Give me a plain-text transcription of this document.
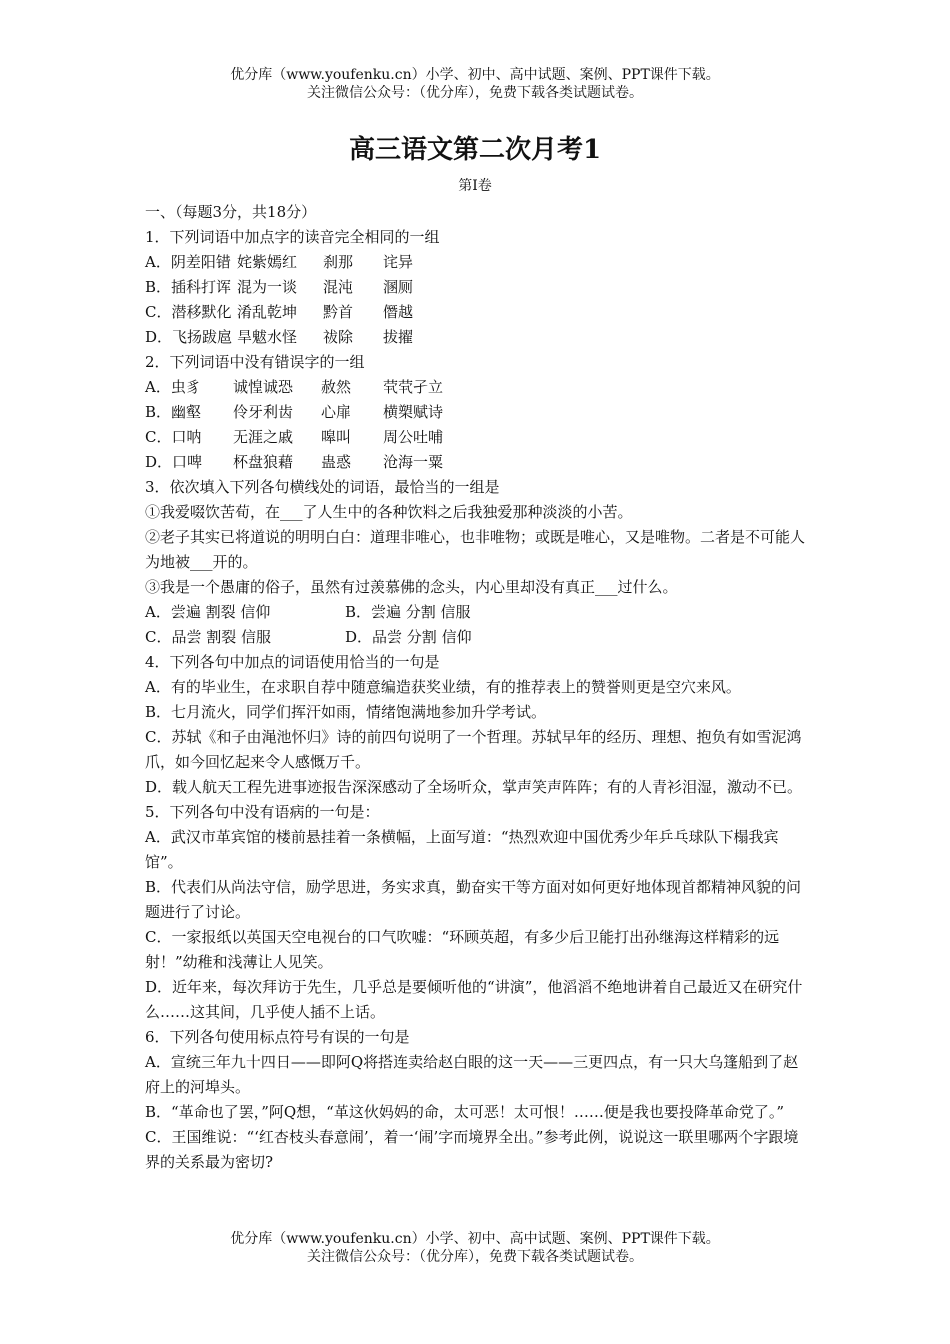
优分库（www.youfenku.cn）小学、初中、高中试题、案例、PPT课件下载。
关注微信公众号：（优分库），免费下载各类试题试卷。
高三语文第二次月考1
第I卷
一、（每题3分，共18分）
1．下列词语中加点字的读音完全相同的一组
A．阴差阳错 姹紫嫣红 刹那 诧异
B．插科打诨 混为一谈 混沌 溷厕
C．潜移默化 淆乱乾坤 黔首 僭越
D．飞扬跋扈 旱魃水怪 祓除 拔擢
2．下列词语中没有错误字的一组
A．虫豸 诚惶诚恐 赦然 茕茕孑立
B．幽壑 伶牙利齿 心扉 横槊赋诗
C．口呐 无涯之戚 嗥叫 周公吐哺
D．口啤 杯盘狼藉 蛊惑 沧海一粟
3．依次填入下列各句横线处的词语，最恰当的一组是
①我爱啜饮苦荀，在___了人生中的各种饮料之后我独爱那种淡淡的小苦。
②老子其实已将道说的明明白白：道理非唯心，也非唯物；或既是唯心，又是唯物。二者是不可能人为地被___开的。
③我是一个愚庸的俗子，虽然有过羡慕佛的念头，内心里却没有真正___过什么。
A．尝遍 割裂 信仰	B．尝遍 分割 信服
C．品尝 割裂 信服	D．品尝 分割 信仰
4．下列各句中加点的词语使用恰当的一句是
A．有的毕业生，在求职自荐中随意编造获奖业绩，有的推荐表上的赞誉则更是空穴来风。
B．七月流火，同学们挥汗如雨，情绪饱满地参加升学考试。
C．苏轼《和子由渑池怀归》诗的前四句说明了一个哲理。苏轼早年的经历、理想、抱负有如雪泥鸿爪，如今回忆起来令人感慨万千。
D．载人航天工程先进事迹报告深深感动了全场听众，掌声笑声阵阵；有的人青衫泪湿，激动不已。
5．下列各句中没有语病的一句是：
A．武汉市革宾馆的楼前悬挂着一条横幅，上面写道：“热烈欢迎中国优秀少年乒乓球队下榻我宾馆”。
B．代表们从尚法守信，励学思进，务实求真，勤奋实干等方面对如何更好地体现首都精神风貌的问题进行了讨论。
C．一家报纸以英国天空电视台的口气吹嘘：“环顾英超，有多少后卫能打出孙继海这样精彩的远射！”幼稚和浅薄让人见笑。
D．近年来，每次拜访于先生，几乎总是要倾听他的“讲演”，他滔滔不绝地讲着自己最近又在研究什么……这其间，几乎使人插不上话。
6．下列各句使用标点符号有误的一句是
A．宣统三年九十四日——即阿Q将搭连卖给赵白眼的这一天——三更四点，有一只大乌篷船到了赵府上的河埠头。
B．“革命也了罢，”阿Q想，“革这伙妈妈的命，太可恶！太可恨！……便是我也要投降革命党了。”
C．王国维说：“‘红杏枝头春意闹’，着一‘闹’字而境界全出。”参考此例，说说这一联里哪两个字跟境界的关系最为密切?
优分库（www.youfenku.cn）小学、初中、高中试题、案例、PPT课件下载。
关注微信公众号：（优分库），免费下载各类试题试卷。
